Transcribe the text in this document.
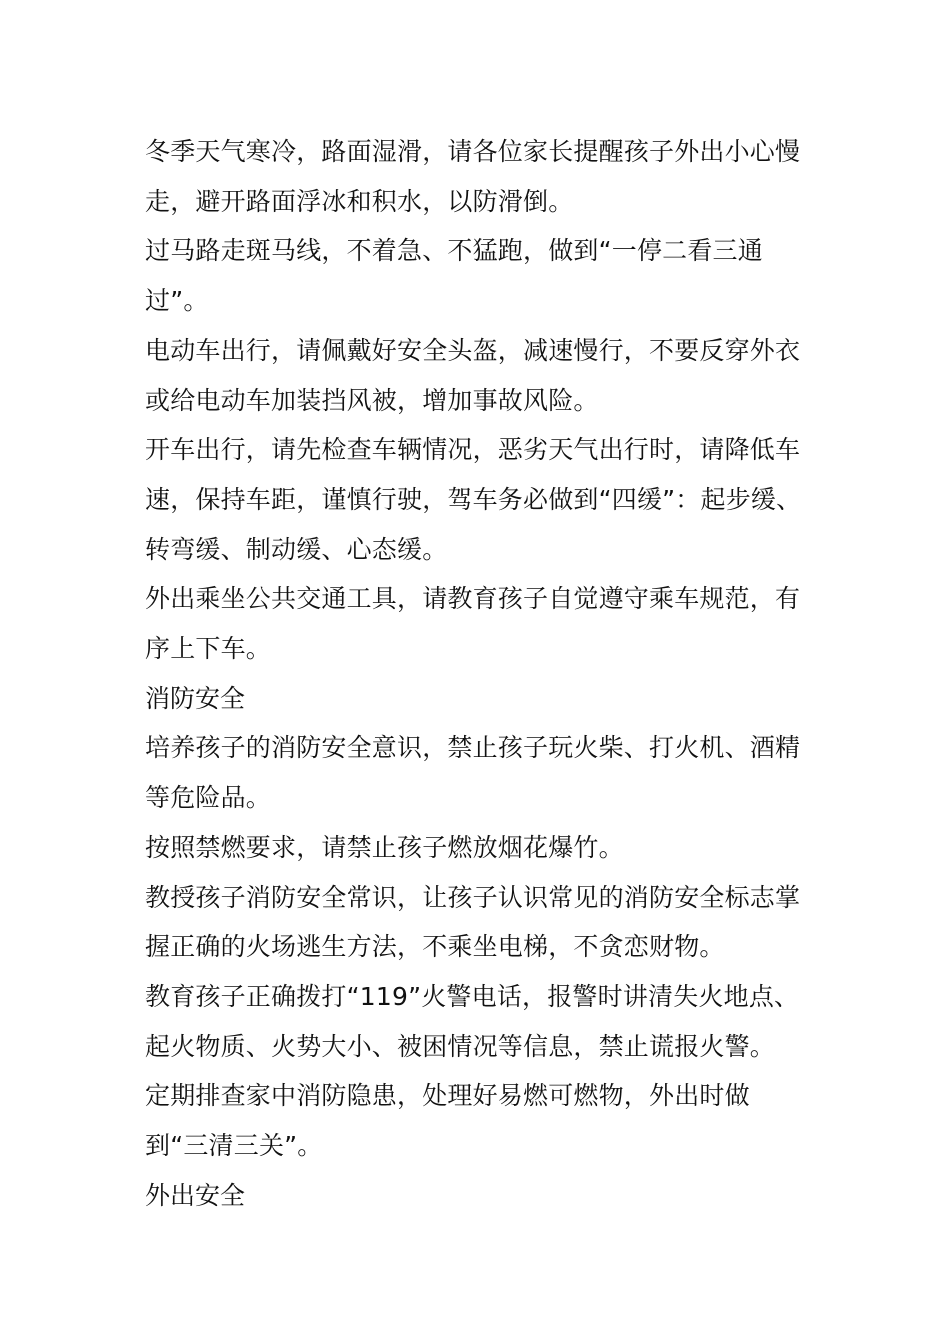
冬季天气寒冷，路面湿滑，请各位家长提醒孩子外出小心慢走，避开路面浮冰和积水，以防滑倒。

过马路走斑马线，不着急、不猛跑，做到“一停二看三通过”。

电动车出行，请佩戴好安全头盔，减速慢行，不要反穿外衣或给电动车加装挡风被，增加事故风险。

开车出行，请先检查车辆情况，恶劣天气出行时，请降低车速，保持车距，谨慎行驶，驾车务必做到“四缓”：起步缓、转弯缓、制动缓、心态缓。

外出乘坐公共交通工具，请教育孩子自觉遵守乘车规范，有序上下车。

消防安全

培养孩子的消防安全意识，禁止孩子玩火柴、打火机、酒精等危险品。

按照禁燃要求，请禁止孩子燃放烟花爆竹。

教授孩子消防安全常识，让孩子认识常见的消防安全标志掌握正确的火场逃生方法，不乘坐电梯，不贪恋财物。

教育孩子正确拨打“119”火警电话，报警时讲清失火地点、起火物质、火势大小、被困情况等信息，禁止谎报火警。

定期排查家中消防隐患，处理好易燃可燃物，外出时做到“三清三关”。

外出安全
